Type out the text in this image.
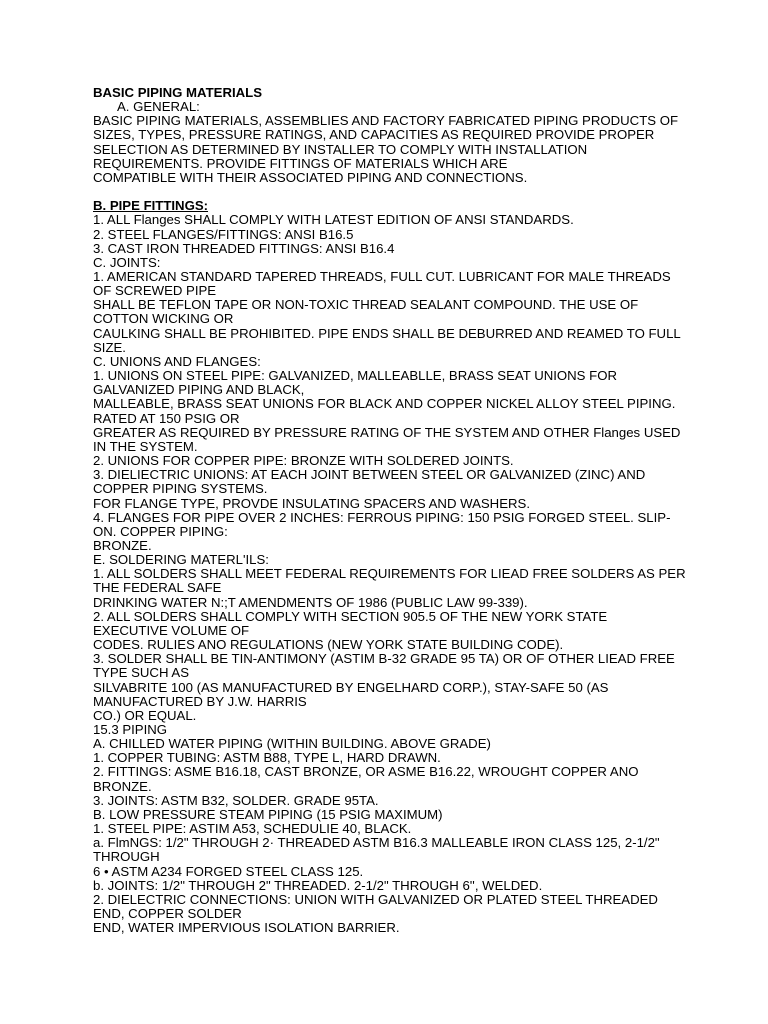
BASIC PIPING MATERIALS
A. GENERAL:
BASIC PIPING MATERIALS, ASSEMBLIES AND FACTORY FABRICATED PIPING PRODUCTS OF
SIZES, TYPES, PRESSURE RATINGS, AND CAPACITIES AS REQUIRED PROVIDE PROPER
SELECTION AS DETERMINED BY INSTALLER TO COMPLY WITH INSTALLATION
REQUIREMENTS. PROVIDE FITTINGS OF MATERIALS WHICH ARE
COMPATIBLE WITH THEIR ASSOCIATED PIPING AND CONNECTIONS.
B. PIPE FITTINGS:
1. ALL Flanges SHALL COMPLY WITH LATEST EDITION OF ANSI STANDARDS.
2. STEEL FLANGES/FITTINGS: ANSI B16.5
3. CAST IRON THREADED FITTINGS: ANSI B16.4
C. JOINTS:
1. AMERICAN STANDARD TAPERED THREADS, FULL CUT. LUBRICANT FOR MALE THREADS
OF SCREWED PIPE
SHALL BE TEFLON TAPE OR NON-TOXIC THREAD SEALANT COMPOUND. THE USE OF
COTTON WICKING OR
CAULKING SHALL BE PROHIBITED. PIPE ENDS SHALL BE DEBURRED AND REAMED TO FULL
SIZE.
C. UNIONS AND FLANGES:
1. UNIONS ON STEEL PIPE: GALVANIZED, MALLEABLLE, BRASS SEAT UNIONS FOR
GALVANIZED PIPING AND BLACK,
MALLEABLE, BRASS SEAT UNIONS FOR BLACK AND COPPER NICKEL ALLOY STEEL PIPING.
RATED AT 150 PSIG OR
GREATER AS REQUIRED BY PRESSURE RATING OF THE SYSTEM AND OTHER Flanges USED
IN THE SYSTEM.
2. UNIONS FOR COPPER PIPE: BRONZE WITH SOLDERED JOINTS.
3. DIELIECTRIC UNIONS: AT EACH JOINT BETWEEN STEEL OR GALVANIZED (ZINC) AND
COPPER PIPING SYSTEMS.
FOR FLANGE TYPE, PROVDE INSULATING SPACERS AND WASHERS.
4. FLANGES FOR PIPE OVER 2 INCHES: FERROUS PIPING: 150 PSIG FORGED STEEL. SLIP-
ON. COPPER PIPING:
BRONZE.
E. SOLDERING MATERL'ILS:
1. ALL SOLDERS SHALL MEET FEDERAL REQUIREMENTS FOR LIEAD FREE SOLDERS AS PER
THE FEDERAL SAFE
DRINKING WATER N:;T AMENDMENTS OF 1986 (PUBLIC LAW 99-339).
2. ALL SOLDERS SHALL COMPLY WITH SECTION 905.5 OF THE NEW YORK STATE
EXECUTIVE VOLUME OF
CODES. RULIES ANO REGULATIONS (NEW YORK STATE BUILDING CODE).
3. SOLDER SHALL BE TIN-ANTIMONY (ASTIM B-32 GRADE 95 TA) OR OF OTHER LIEAD FREE
TYPE SUCH AS
SILVABRITE 100 (AS MANUFACTURED BY ENGELHARD CORP.), STAY-SAFE 50 (AS
MANUFACTURED BY J.W. HARRIS
CO.) OR EQUAL.
15.3 PIPING
A. CHILLED WATER PIPING (WITHIN BUILDING. ABOVE GRADE)
1. COPPER TUBING: ASTM B88, TYPE L, HARD DRAWN.
2. FITTINGS: ASME B16.18, CAST BRONZE, OR ASME B16.22, WROUGHT COPPER ANO
BRONZE.
3. JOINTS: ASTM B32, SOLDER. GRADE 95TA.
B. LOW PRESSURE STEAM PIPING (15 PSIG MAXIMUM)
1. STEEL PIPE: ASTIM A53, SCHEDULIE 40, BLACK.
a. FlmNGS: 1/2" THROUGH 2· THREADED ASTM B16.3 MALLEABLE IRON CLASS 125, 2-1/2"
THROUGH
6 • ASTM A234 FORGED STEEL CLASS 125.
b. JOINTS: 1/2" THROUGH 2" THREADED. 2-1/2" THROUGH 6'', WELDED.
2. DIELECTRIC CONNECTIONS: UNION WITH GALVANIZED OR PLATED STEEL THREADED
END, COPPER SOLDER
END, WATER IMPERVIOUS ISOLATION BARRIER.
